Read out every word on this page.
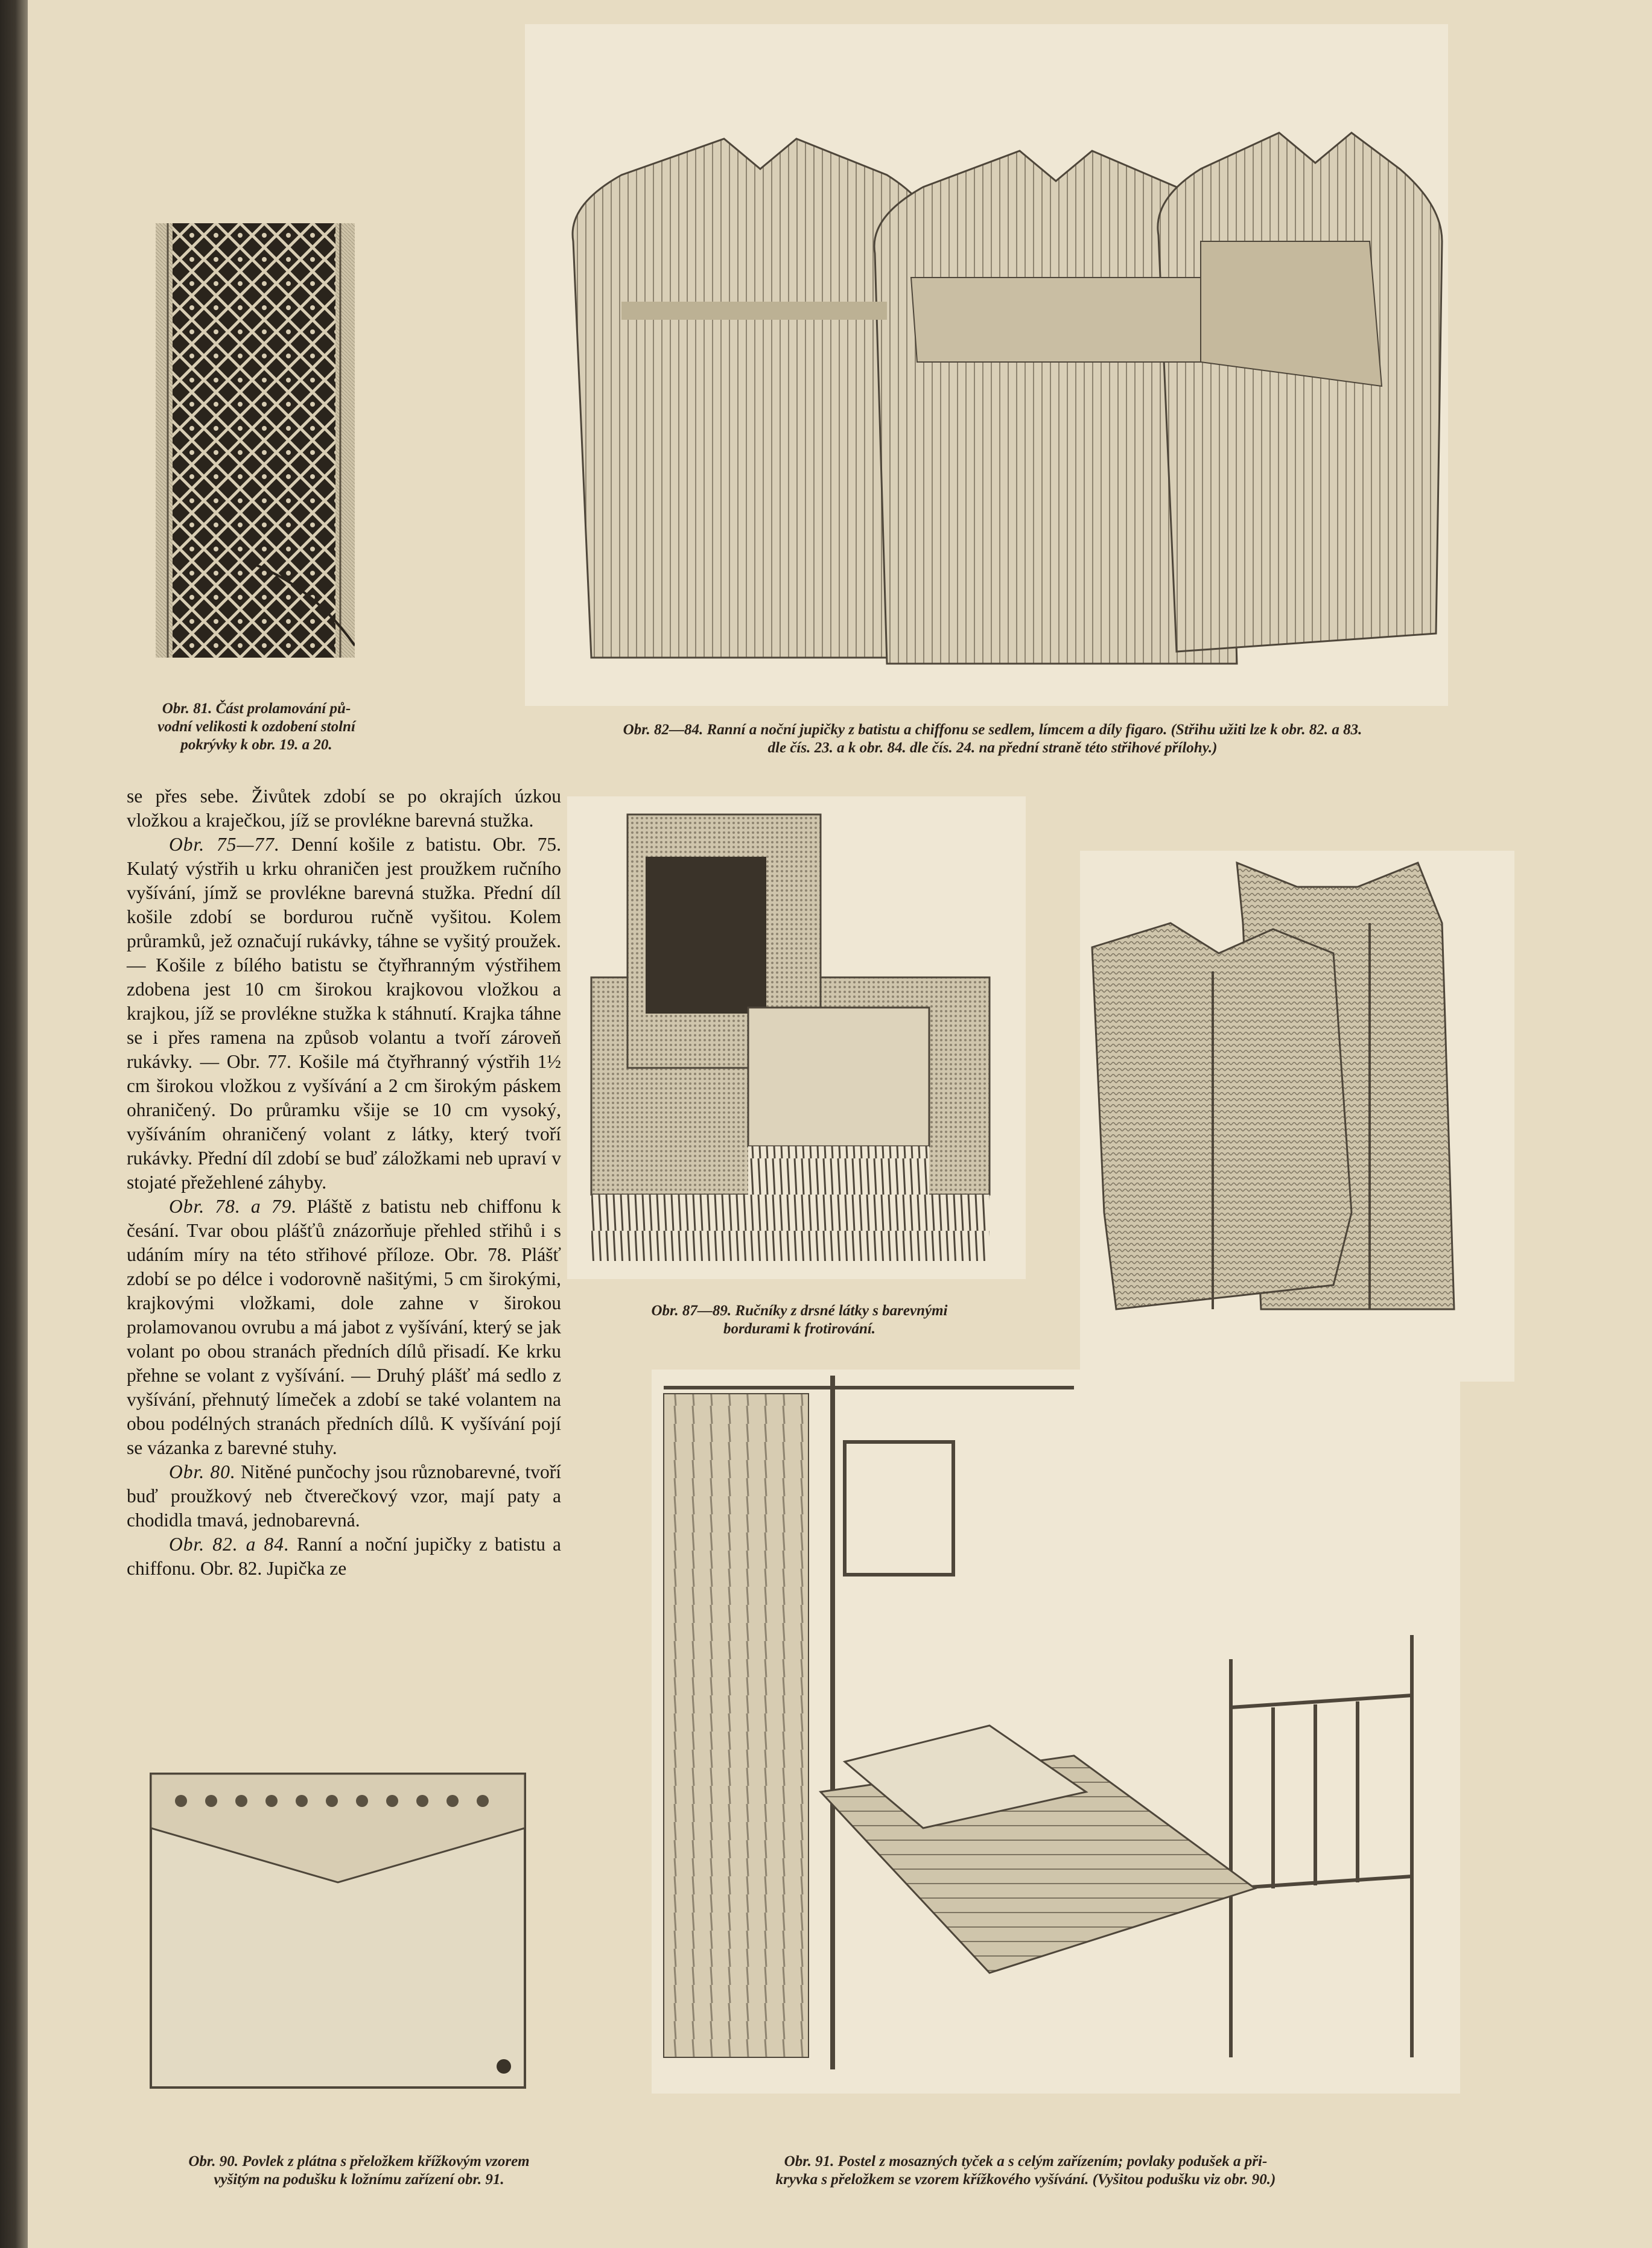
Obr. 81. Část prolamování pů-
vodní velikosti k ozdobení stolní
pokrývky k obr. 19. a 20.
Obr. 82—84. Ranní a noční jupičky z batistu a chiffonu se sedlem, límcem a díly figaro. (Střihu užiti lze k obr. 82. a 83.
dle čís. 23. a k obr. 84. dle čís. 24. na přední straně této střihové přílohy.)
Obr. 87—89. Ručníky z drsné látky s barevnými
bordurami k frotirování.
Obr. 90. Povlek z plátna s přeložkem křížkovým vzorem
vyšitým na podušku k ložnímu zařízení obr. 91.
Obr. 91. Postel z mosazných tyček a s celým zařízením; povlaky podušek a při-
kryvka s přeložkem se vzorem křížkového vyšívání. (Vyšitou podušku viz obr. 90.)

se přes sebe. Živůtek zdobí se po okrajích úzkou vložkou a kraječkou, jíž se provlékne barevná stužka.

Obr. 75—77. Denní košile z batistu. Obr. 75. Kulatý výstřih u krku ohraničen jest proužkem ručního vyšívání, jímž se provlékne barevná stužka. Přední díl košile zdobí se bordurou ručně vyšitou. Kolem průramků, jež označují rukávky, táhne se vyšitý proužek. — Košile z bílého batistu se čtyřhranným výstřihem zdobena jest 10 cm širokou krajkovou vložkou a krajkou, jíž se provlékne stužka k stáhnutí. Krajka táhne se i přes ramena na způsob volantu a tvoří zároveň rukávky. — Obr. 77. Košile má čtyřhranný výstřih 1½ cm širokou vložkou z vyšívání a 2 cm širokým páskem ohraničený. Do průramku všije se 10 cm vysoký, vyšíváním ohraničený volant z látky, který tvoří rukávky. Přední díl zdobí se buď záložkami neb upraví v stojaté přežehlené záhyby.

Obr. 78. a 79. Pláště z batistu neb chiffonu k česání. Tvar obou plášťů znázorňuje přehled střihů i s udáním míry na této střihové příloze. Obr. 78. Plášť zdobí se po délce i vodorovně našitými, 5 cm širokými, krajkovými vložkami, dole zahne v širokou prolamovanou ovrubu a má jabot z vyšívání, který se jak volant po obou stranách předních dílů přisadí. Ke krku přehne se volant z vyšívání. — Druhý plášť má sedlo z vyšívání, přehnutý límeček a zdobí se také volantem na obou podélných stranách předních dílů. K vyšívání pojí se vázanka z barevné stuhy.

Obr. 80. Nitěné punčochy jsou různobarevné, tvoří buď proužkový neb čtverečkový vzor, mají paty a chodidla tmavá, jednobarevná.

Obr. 82. a 84. Ranní a noční jupičky z batistu a chiffonu. Obr. 82. Jupička ze
